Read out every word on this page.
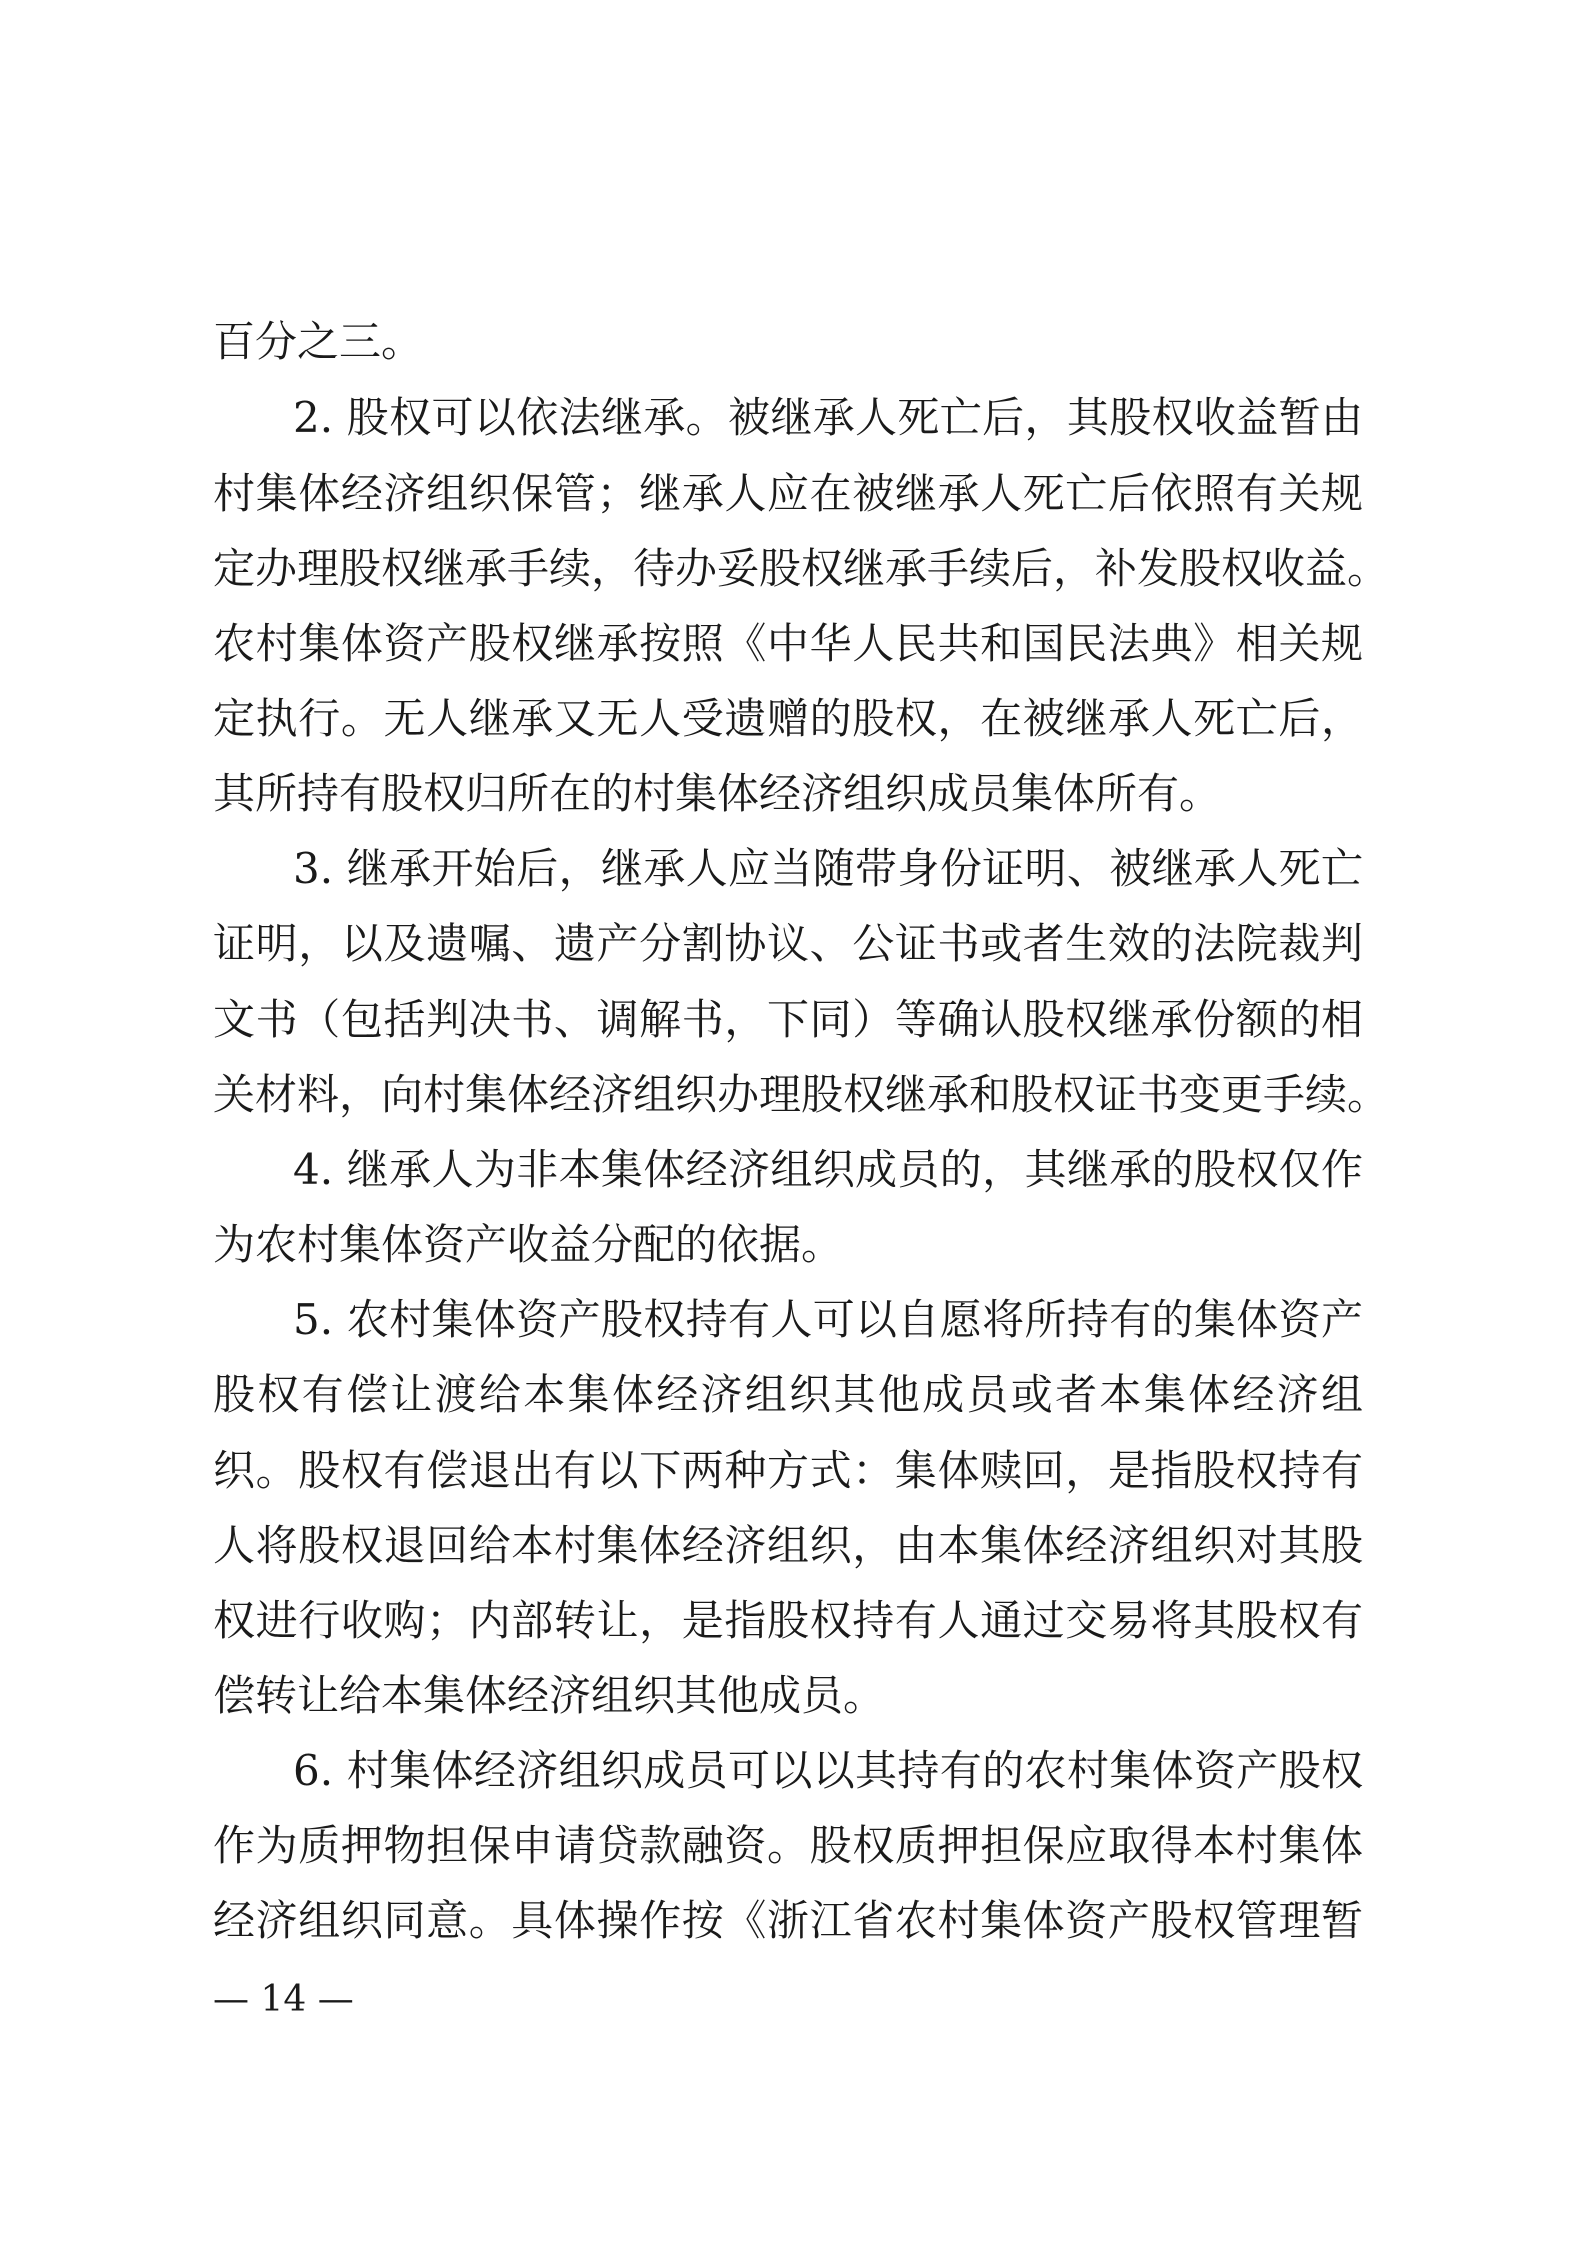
百分之三。
2. 股权可以依法继承。被继承人死亡后，其股权收益暂由
村集体经济组织保管；继承人应在被继承人死亡后依照有关规
定办理股权继承手续，待办妥股权继承手续后，补发股权收益。
农村集体资产股权继承按照《中华人民共和国民法典》相关规
定执行。无人继承又无人受遗赠的股权，在被继承人死亡后，
其所持有股权归所在的村集体经济组织成员集体所有。
3. 继承开始后，继承人应当随带身份证明、被继承人死亡
证明，以及遗嘱、遗产分割协议、公证书或者生效的法院裁判
文书（包括判决书、调解书，下同）等确认股权继承份额的相
关材料，向村集体经济组织办理股权继承和股权证书变更手续。
4. 继承人为非本集体经济组织成员的，其继承的股权仅作
为农村集体资产收益分配的依据。
5. 农村集体资产股权持有人可以自愿将所持有的集体资产
股权有偿让渡给本集体经济组织其他成员或者本集体经济组
织。股权有偿退出有以下两种方式：集体赎回，是指股权持有
人将股权退回给本村集体经济组织，由本集体经济组织对其股
权进行收购；内部转让，是指股权持有人通过交易将其股权有
偿转让给本集体经济组织其他成员。
6. 村集体经济组织成员可以以其持有的农村集体资产股权
作为质押物担保申请贷款融资。股权质押担保应取得本村集体
经济组织同意。具体操作按《浙江省农村集体资产股权管理暂
— 14 —
